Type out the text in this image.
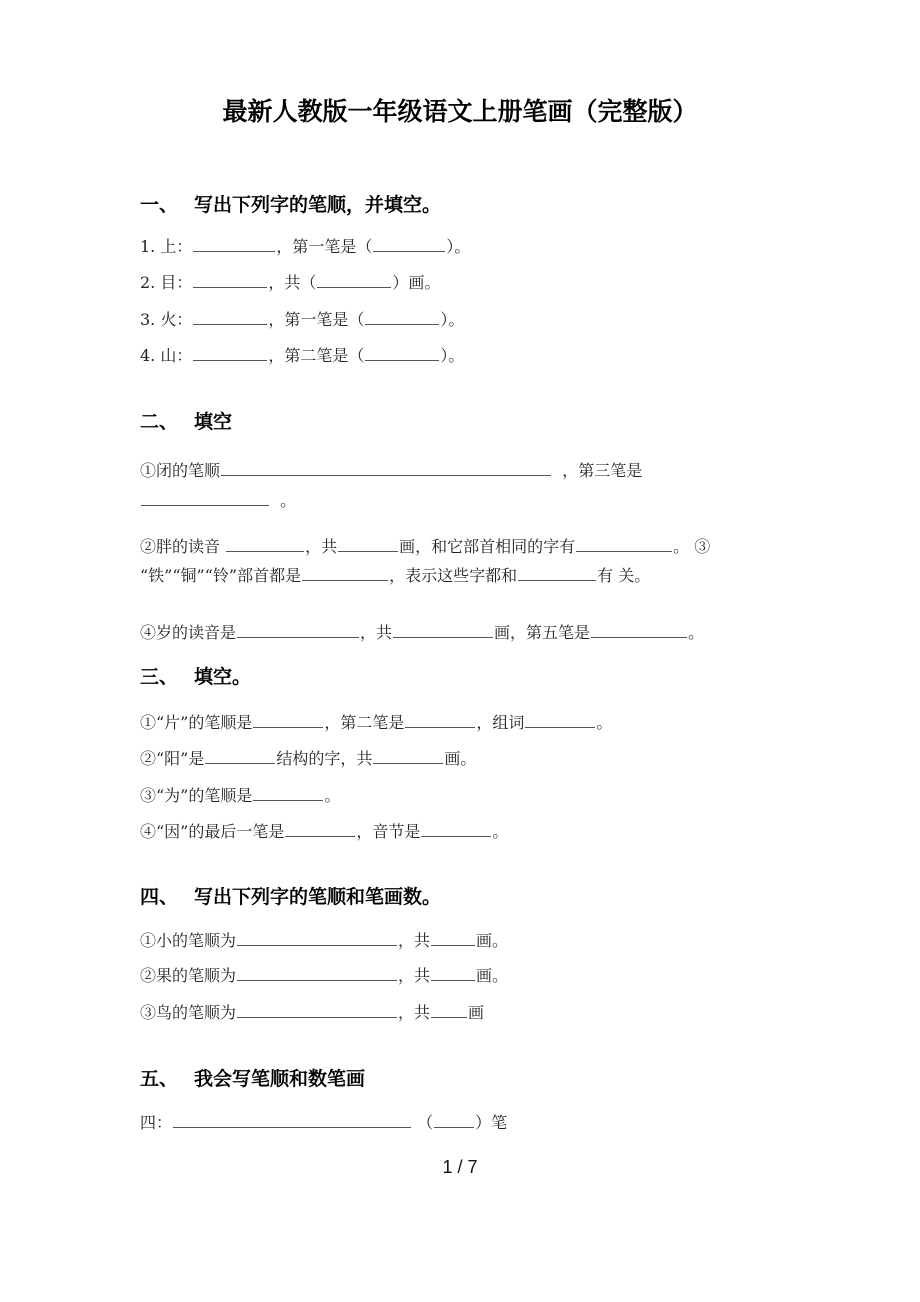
最新人教版一年级语文上册笔画（完整版）
一、 写出下列字的笔顺，并填空。
1. 上：	，第一笔是（	）。
2. 目：	，共（	）画。
3. 火：	，第一笔是（	）。
4. 山：	，第二笔是（	）。
二、 填空
①闭的笔顺	，第三笔是
。
②胖的读音	，共	画，和它部首相同的字有	。 ③
“铁”“铜”“铃”部首都是	，表示这些字都和	有 关。
④岁的读音是	，共	画，第五笔是	。
三、 填空。
①“片”的笔顺是	，第二笔是	，组词	。
②“阳”是	结构的字，共	画。
③“为”的笔顺是	。
④“因”的最后一笔是	，音节是	。
四、 写出下列字的笔顺和笔画数。
①小的笔顺为	，共	画。
②果的笔顺为	，共	画。
③鸟的笔顺为	，共 画
五、 我会写笔顺和数笔画
四：	（	）笔
1 / 7
